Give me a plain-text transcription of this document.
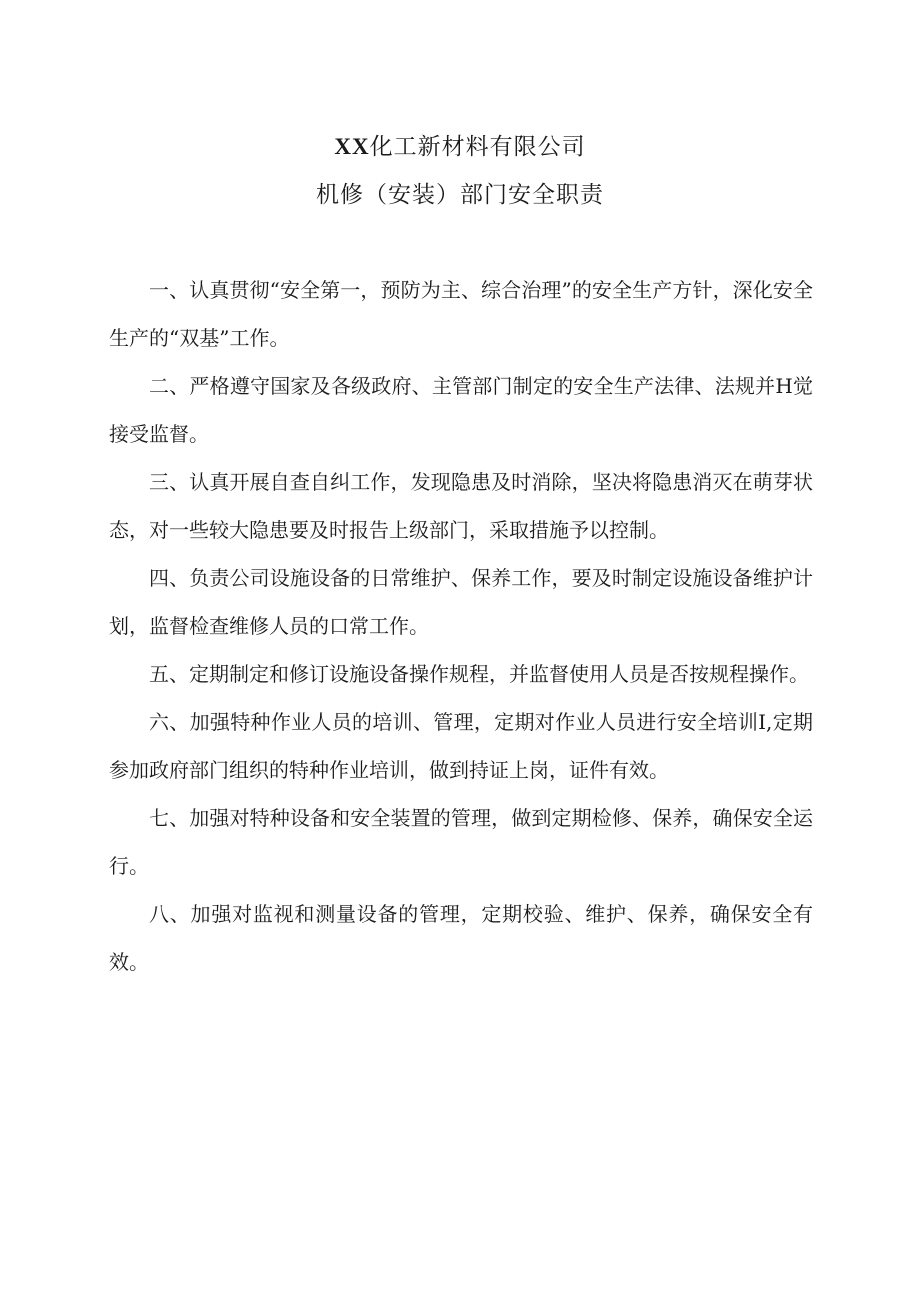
XX化工新材料有限公司
机修（安装）部门安全职责

一、认真贯彻“安全第一，预防为主、综合治理”的安全生产方针，深化安全生产的“双基”工作。

二、严格遵守国家及各级政府、主管部门制定的安全生产法律、法规并H觉接受监督。

三、认真开展自查自纠工作，发现隐患及时消除，坚决将隐患消灭在萌芽状态，对一些较大隐患要及时报告上级部门，采取措施予以控制。

四、负责公司设施设备的日常维护、保养工作，要及时制定设施设备维护计划，监督检查维修人员的口常工作。

五、定期制定和修订设施设备操作规程，并监督使用人员是否按规程操作。

六、加强特种作业人员的培训、管理，定期对作业人员进行安全培训I,定期参加政府部门组织的特种作业培训，做到持证上岗，证件有效。

七、加强对特种设备和安全装置的管理，做到定期检修、保养，确保安全运行。

八、加强对监视和测量设备的管理，定期校验、维护、保养，确保安全有效。
